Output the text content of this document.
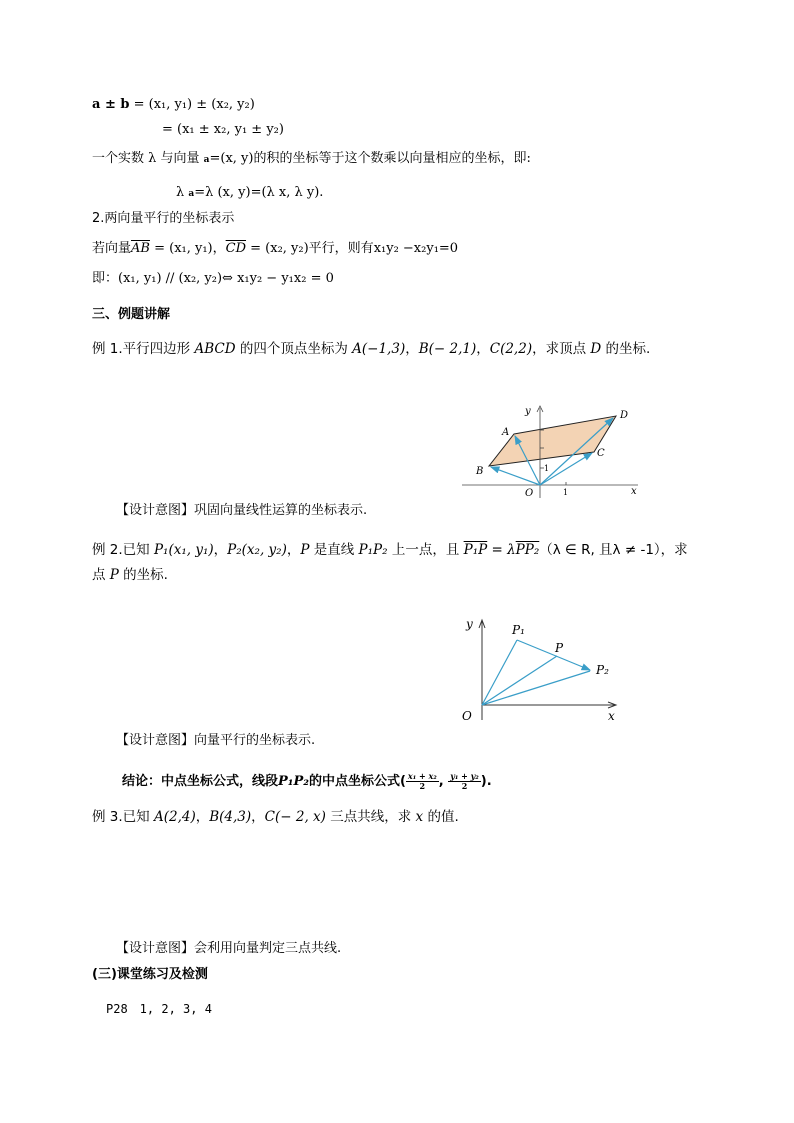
a ± b = (x₁, y₁) ± (x₂, y₂)
= (x₁ ± x₂, y₁ ± y₂)
一个实数 λ 与向量 a=(x, y)的积的坐标等于这个数乘以向量相应的坐标，即:
λ a=λ (x, y)=(λ x, λ y).
2.两向量平行的坐标表示
若向量$\overline{AB} = (x_1$, y₁)，$\overline{CD} = (x_2$, y₂)平行，则有x₁y₂ −x₂y₁=0
即：(x₁, y₁) // (x₂, y₂)⇔ x₁y₂ − y₁x₂ = 0
三、例题讲解
例 1.平行四边形 ABCD 的四个顶点坐标为 A(−1,3)，B(− 2,1)，C(2,2)，求顶点 D 的坐标.
y
x
O
A
B
C
D
1
1
【设计意图】巩固向量线性运算的坐标表示.
例 2.已知 P₁(x₁, y₁)，P₂(x₂, y₂)，P 是直线 P₁P₂ 上一点，且 P₁P = λPP₂（λ ∈ R, 且λ ≠ -1），求
点 P 的坐标.
y
x
O
P₁
P
P₂
【设计意图】向量平行的坐标表示.
结论：中点坐标公式，线段P₁P₂的中点坐标公式( $\frac{\text{x₁ + x₂}}{2}$ , $\frac{\text{y₁ + y₂}}{2}$ ).
例 3.已知 A(2,4)，B(4,3)，C(− 2, x) 三点共线，求 x 的值.
【设计意图】会利用向量判定三点共线.
(三)课堂练习及检测
P28　1, 2, 3, 4
